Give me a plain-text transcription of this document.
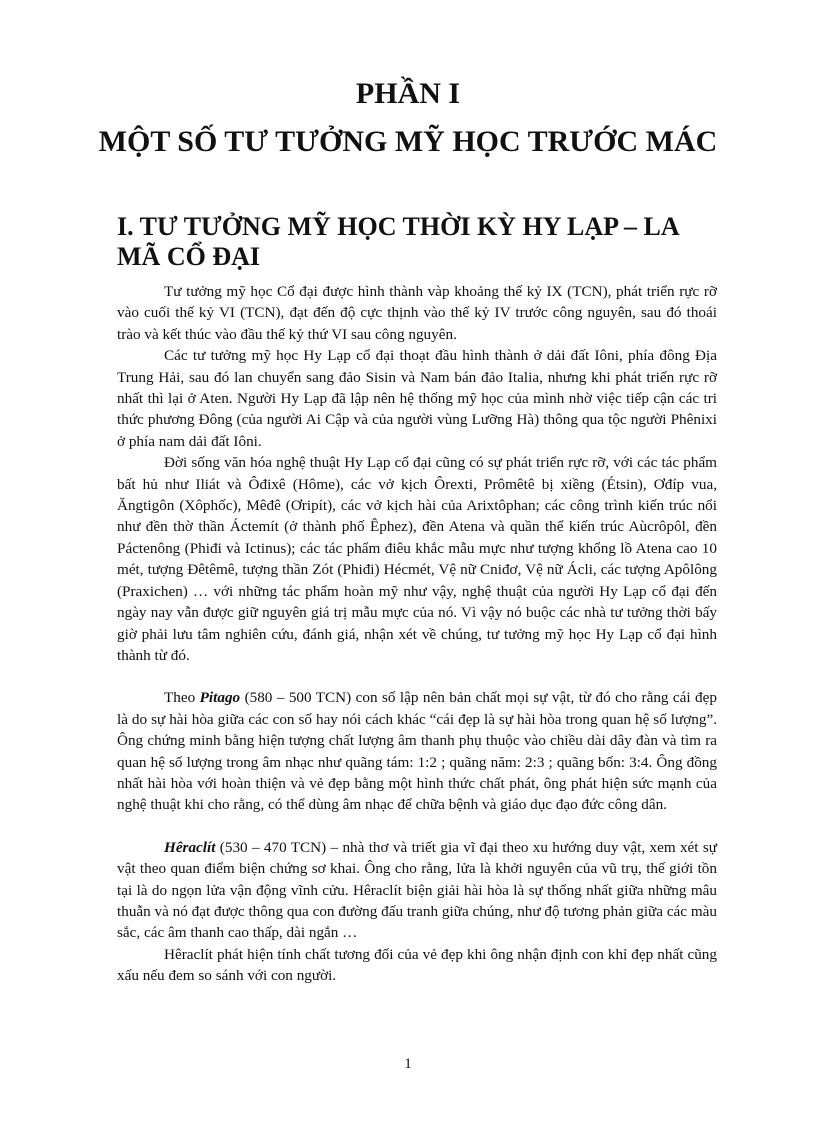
PHẦN I
MỘT SỐ TƯ TƯỞNG MỸ HỌC TRƯỚC MÁC
I. TƯ TƯỞNG MỸ HỌC THỜI KỲ HY LẠP – LA MÃ CỔ ĐẠI

Tư tưởng mỹ học Cổ đại được hình thành vàp khoảng thế kỷ IX (TCN), phát triển rực rỡ vào cuối thế kỷ VI (TCN), đạt đến độ cực thịnh vào thế kỷ IV trước công nguyên, sau đó thoái trào và kết thúc vào đầu thế kỷ thứ VI sau công nguyên.

Các tư tưởng mỹ học Hy Lạp cổ đại thoạt đầu hình thành ở dải đất Iôni, phía đông Địa Trung Hải, sau đó lan chuyển sang đảo Sisin và Nam bán đảo Italia, nhưng khi phát triển rực rỡ nhất thì lại ở Aten. Người Hy Lạp đã lập nên hệ thống mỹ học của mình nhờ việc tiếp cận các tri thức phương Đông (của người Ai Cập và của người vùng Lưỡng Hà) thông qua tộc người Phênixi ở phía nam dải đất Iôni.

Đời sống văn hóa nghệ thuật Hy Lạp cổ đại cũng có sự phát triển rực rỡ, với các tác phẩm bất hủ như Iliát và Ôđixê (Hôme), các vở kịch Ôrexti, Prômêtê bị xiềng (Étsin), Ơđíp vua, Ăngtigôn (Xôphốc), Mêđê (Ơripít), các vở kịch hài của Arixtôphan; các công trình kiến trúc nổi như đền thờ thần Áctemít (ở thành phố Êphez), đền Atena và quần thể kiến trúc Aùcrôpôl, đền Páctenông (Phiđi và Ictinus); các tác phẩm điêu khắc mẫu mực như tượng khổng lồ Atena cao 10 mét, tượng Đêtêmê, tượng thần Zót (Phiđi) Hécmét, Vệ nữ Cniđơ, Vệ nữ Ácli, các tượng Apôlông (Praxichen) … với những tác phẩm hoàn mỹ như vậy, nghệ thuật của người Hy Lạp cổ đại đến ngày nay vẫn được giữ nguyên giá trị mẫu mực của nó. Vì vậy nó buộc các nhà tư tưởng thời bấy giờ phải lưu tâm nghiên cứu, đánh giá, nhận xét về chúng, tư tưởng mỹ học Hy Lạp cổ đại hình thành từ đó.

Theo Pitago (580 – 500 TCN) con số lập nên bản chất mọi sự vật, từ đó cho rằng cái đẹp là do sự hài hòa giữa các con số hay nói cách khác “cái đẹp là sự hài hòa trong quan hệ số lượng”. Ông chứng minh bằng hiện tượng chất lượng âm thanh phụ thuộc vào chiều dài dây đàn và tìm ra quan hệ số lượng trong âm nhạc như quãng tám: 1:2 ; quãng năm: 2:3 ; quãng bốn: 3:4. Ông đồng nhất hài hòa với hoàn thiện và vẻ đẹp bằng một hình thức chất phát, ông phát hiện sức mạnh của nghệ thuật khi cho rằng, có thể dùng âm nhạc để chữa bệnh và giáo dục đạo đức công dân.

Hêraclít (530 – 470 TCN) – nhà thơ và triết gia vĩ đại theo xu hướng duy vật, xem xét sự vật theo quan điểm biện chứng sơ khai. Ông cho rằng, lửa là khởi nguyên của vũ trụ, thế giới tồn tại là do ngọn lửa vận động vĩnh cửu. Hêraclít biện giải hài hòa là sự thống nhất giữa những mâu thuẫn và nó đạt được thông qua con đường đấu tranh giữa chúng, như độ tương phản giữa các màu sắc, các âm thanh cao thấp, dài ngắn …

Hêraclít phát hiện tính chất tương đối của vẻ đẹp khi ông nhận định con khỉ đẹp nhất cũng xấu nếu đem so sánh với con người.

1
